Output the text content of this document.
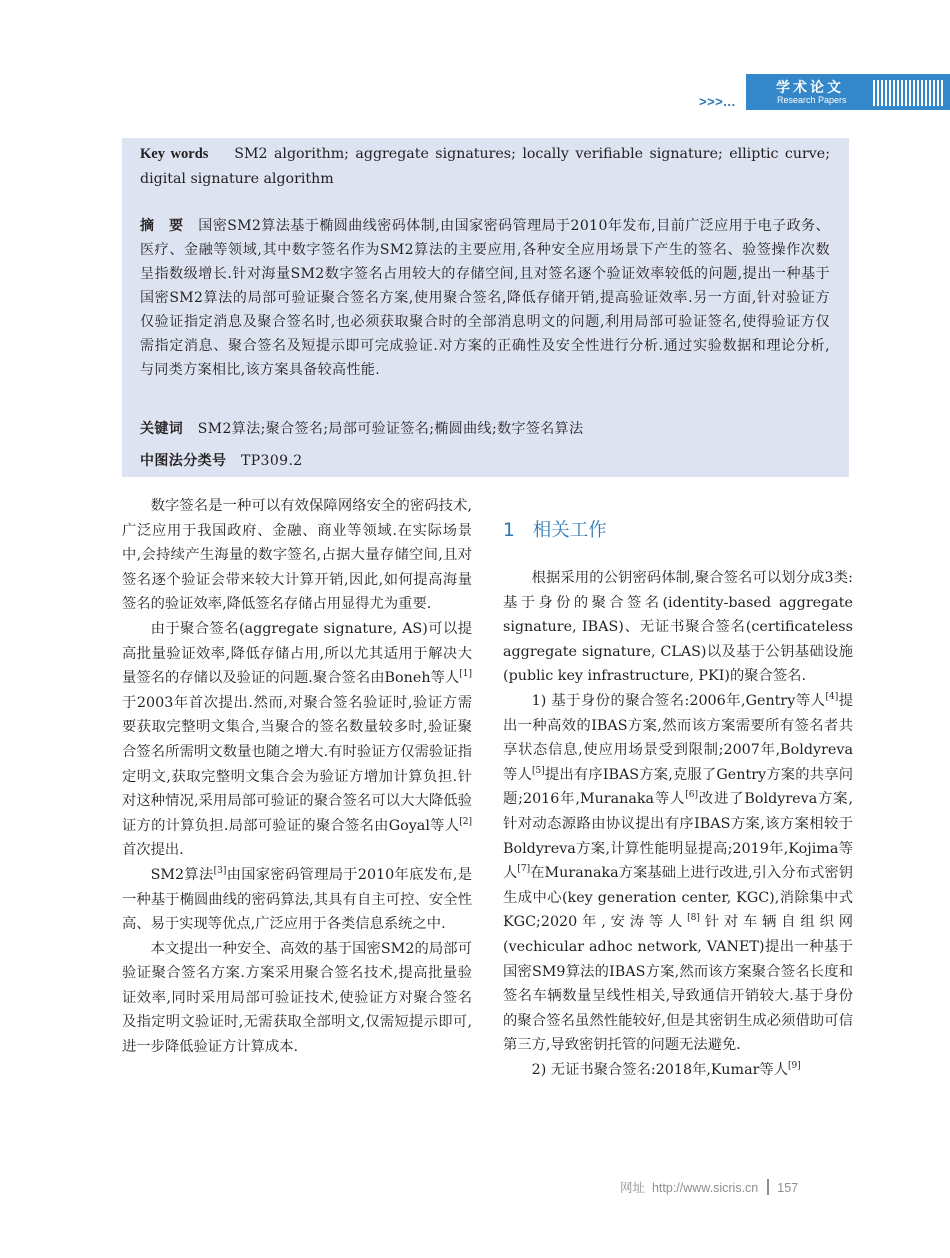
>>>...
学术论文
Research Papers
Key words SM2 algorithm; aggregate signatures; locally verifiable signature; elliptic curve; digital signature algorithm
摘　要 国密SM2算法基于椭圆曲线密码体制,由国家密码管理局于2010年发布,目前广泛应用于电子政务、医疗、金融等领域,其中数字签名作为SM2算法的主要应用,各种安全应用场景下产生的签名、验签操作次数呈指数级增长.针对海量SM2数字签名占用较大的存储空间,且对签名逐个验证效率较低的问题,提出一种基于国密SM2算法的局部可验证聚合签名方案,使用聚合签名,降低存储开销,提高验证效率.另一方面,针对验证方仅验证指定消息及聚合签名时,也必须获取聚合时的全部消息明文的问题,利用局部可验证签名,使得验证方仅需指定消息、聚合签名及短提示即可完成验证.对方案的正确性及安全性进行分析.通过实验数据和理论分析,与同类方案相比,该方案具备较高性能.
关键词 SM2算法;聚合签名;局部可验证签名;椭圆曲线;数字签名算法
中图法分类号 TP309.2

数字签名是一种可以有效保障网络安全的密码技术,广泛应用于我国政府、金融、商业等领域.在实际场景中,会持续产生海量的数字签名,占据大量存储空间,且对签名逐个验证会带来较大计算开销,因此,如何提高海量签名的验证效率,降低签名存储占用显得尤为重要.

由于聚合签名(aggregate signature, AS)可以提高批量验证效率,降低存储占用,所以尤其适用于解决大量签名的存储以及验证的问题.聚合签名由Boneh等人[1]于2003年首次提出.然而,对聚合签名验证时,验证方需要获取完整明文集合,当聚合的签名数量较多时,验证聚合签名所需明文数量也随之增大.有时验证方仅需验证指定明文,获取完整明文集合会为验证方增加计算负担.针对这种情况,采用局部可验证的聚合签名可以大大降低验证方的计算负担.局部可验证的聚合签名由Goyal等人[2]首次提出.

SM2算法[3]由国家密码管理局于2010年底发布,是一种基于椭圆曲线的密码算法,其具有自主可控、安全性高、易于实现等优点,广泛应用于各类信息系统之中.

本文提出一种安全、高效的基于国密SM2的局部可验证聚合签名方案.方案采用聚合签名技术,提高批量验证效率,同时采用局部可验证技术,使验证方对聚合签名及指定明文验证时,无需获取全部明文,仅需短提示即可,进一步降低验证方计算成本.

1 相关工作

根据采用的公钥密码体制,聚合签名可以划分成3类:基于身份的聚合签名(identity-based aggregate signature, IBAS)、无证书聚合签名(certificateless aggregate signature, CLAS)以及基于公钥基础设施(public key infrastructure, PKI)的聚合签名.

1) 基于身份的聚合签名:2006年,Gentry等人[4]提出一种高效的IBAS方案,然而该方案需要所有签名者共享状态信息,使应用场景受到限制;2007年,Boldyreva等人[5]提出有序IBAS方案,克服了Gentry方案的共享问题;2016年,Muranaka等人[6]改进了Boldyreva方案,针对动态源路由协议提出有序IBAS方案,该方案相较于Boldyreva方案,计算性能明显提高;2019年,Kojima等人[7]在Muranaka方案基础上进行改进,引入分布式密钥生成中心(key generation center, KGC),消除集中式KGC;2020年,安涛等人[8]针对车辆自组织网(vechicular adhoc network, VANET)提出一种基于国密SM9算法的IBAS方案,然而该方案聚合签名长度和签名车辆数量呈线性相关,导致通信开销较大.基于身份的聚合签名虽然性能较好,但是其密钥生成必须借助可信第三方,导致密钥托管的问题无法避免.

2) 无证书聚合签名:2018年,Kumar等人[9]

网址 http://www.sicris.cn 157
